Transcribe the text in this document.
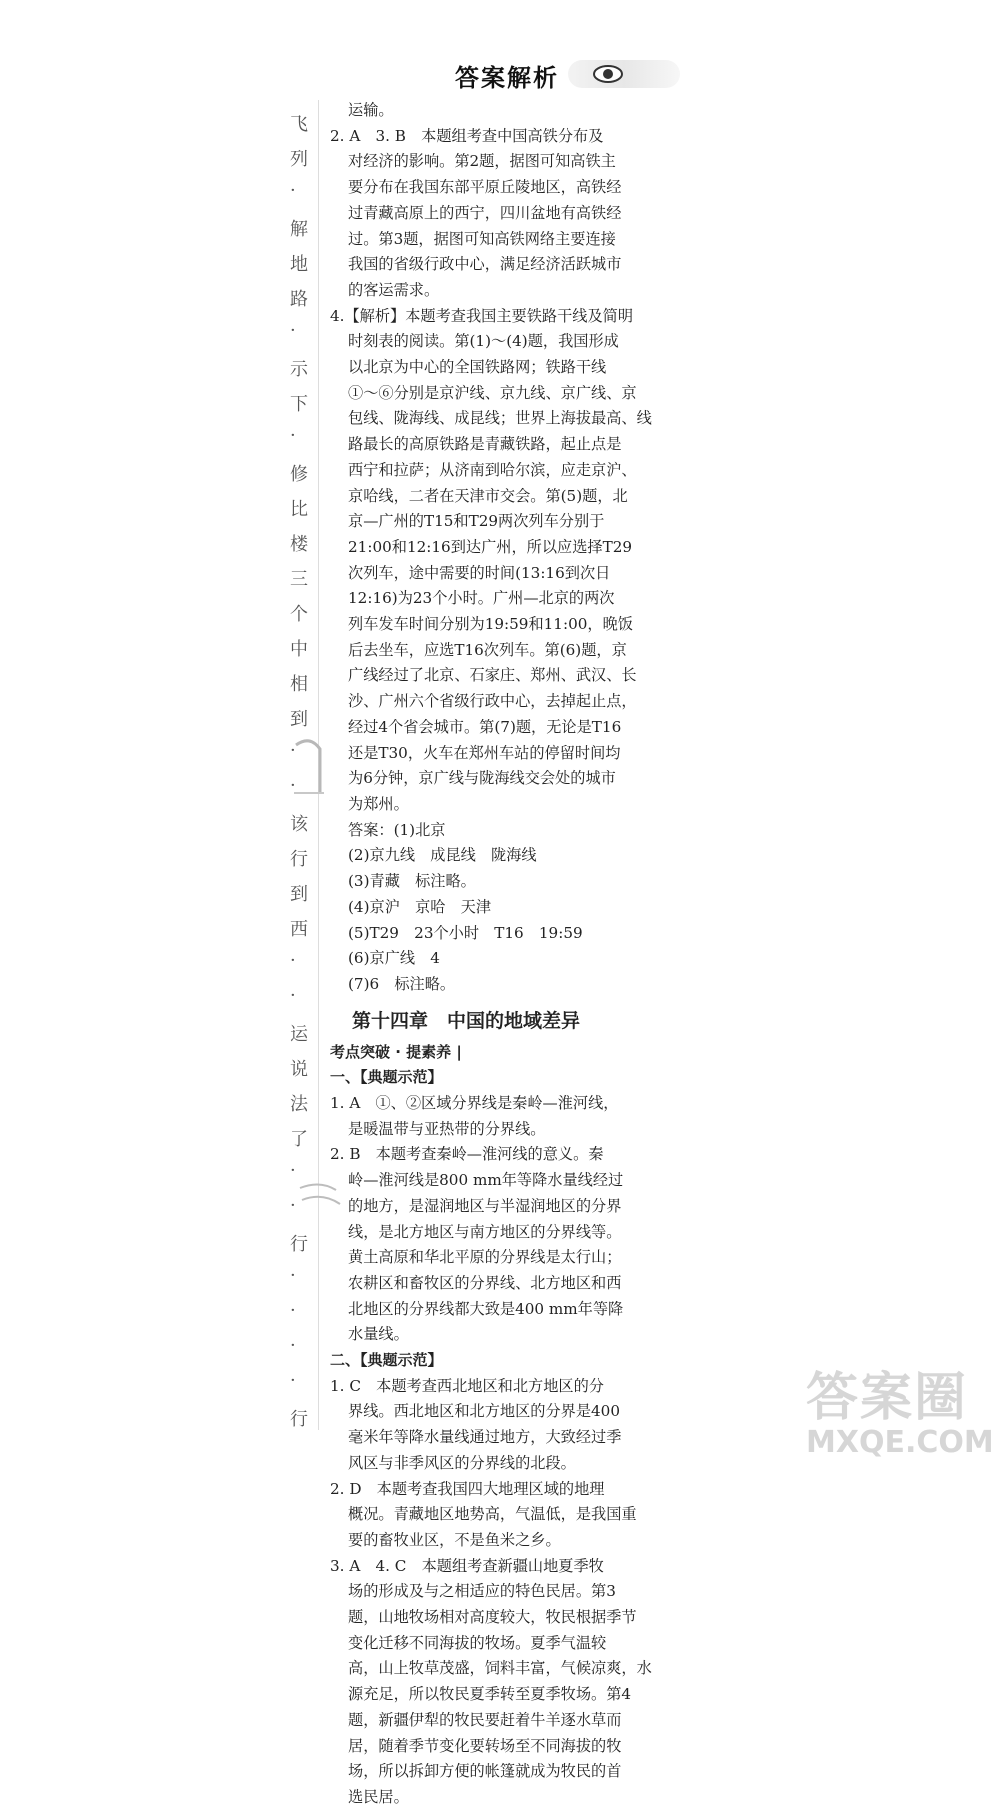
答案解析
飞
列
·
解
地
路
·
示
下
·
修
比
楼
三
个
中
相
到
·
·
该
行
到
西
·
·
运
说
法
了
·
·
行
·
·
·
·
行
运输。
2. A　3. B　本题组考查中国高铁分布及
对经济的影响。第2题，据图可知高铁主
要分布在我国东部平原丘陵地区，高铁经
过青藏高原上的西宁，四川盆地有高铁经
过。第3题，据图可知高铁网络主要连接
我国的省级行政中心，满足经济活跃城市
的客运需求。
4.【解析】本题考查我国主要铁路干线及简明
时刻表的阅读。第(1)～(4)题，我国形成
以北京为中心的全国铁路网；铁路干线
①～⑥分别是京沪线、京九线、京广线、京
包线、陇海线、成昆线；世界上海拔最高、线
路最长的高原铁路是青藏铁路，起止点是
西宁和拉萨；从济南到哈尔滨，应走京沪、
京哈线，二者在天津市交会。第(5)题，北
京—广州的T15和T29两次列车分别于
21:00和12:16到达广州，所以应选择T29
次列车，途中需要的时间(13:16到次日
12:16)为23个小时。广州—北京的两次
列车发车时间分别为19:59和11:00，晚饭
后去坐车，应选T16次列车。第(6)题，京
广线经过了北京、石家庄、郑州、武汉、长
沙、广州六个省级行政中心，去掉起止点，
经过4个省会城市。第(7)题，无论是T16
还是T30，火车在郑州车站的停留时间均
为6分钟，京广线与陇海线交会处的城市
为郑州。
答案：(1)北京
(2)京九线　成昆线　陇海线
(3)青藏　标注略。
(4)京沪　京哈　天津
(5)T29　23个小时　T16　19:59
(6)京广线　4
(7)6　标注略。
第十四章　中国的地域差异
考点突破 · 提素养 |
一、【典题示范】
1. A　①、②区域分界线是秦岭—淮河线，
是暖温带与亚热带的分界线。
2. B　本题考查秦岭—淮河线的意义。秦
岭—淮河线是800 mm年等降水量线经过
的地方，是湿润地区与半湿润地区的分界
线，是北方地区与南方地区的分界线等。
黄土高原和华北平原的分界线是太行山；
农耕区和畜牧区的分界线、北方地区和西
北地区的分界线都大致是400 mm年等降
水量线。
二、【典题示范】
1. C　本题考查西北地区和北方地区的分
界线。西北地区和北方地区的分界是400
毫米年等降水量线通过地方，大致经过季
风区与非季风区的分界线的北段。
2. D　本题考查我国四大地理区域的地理
概况。青藏地区地势高，气温低，是我国重
要的畜牧业区，不是鱼米之乡。
3. A　4. C　本题组考查新疆山地夏季牧
场的形成及与之相适应的特色民居。第3
题，山地牧场相对高度较大，牧民根据季节
变化迁移不同海拔的牧场。夏季气温较
高，山上牧草茂盛，饲料丰富，气候凉爽，水
源充足，所以牧民夏季转至夏季牧场。第4
题，新疆伊犁的牧民要赶着牛羊逐水草而
居，随着季节变化要转场至不同海拔的牧
场，所以拆卸方便的帐篷就成为牧民的首
选民居。
答案圈
MXQE.COM
